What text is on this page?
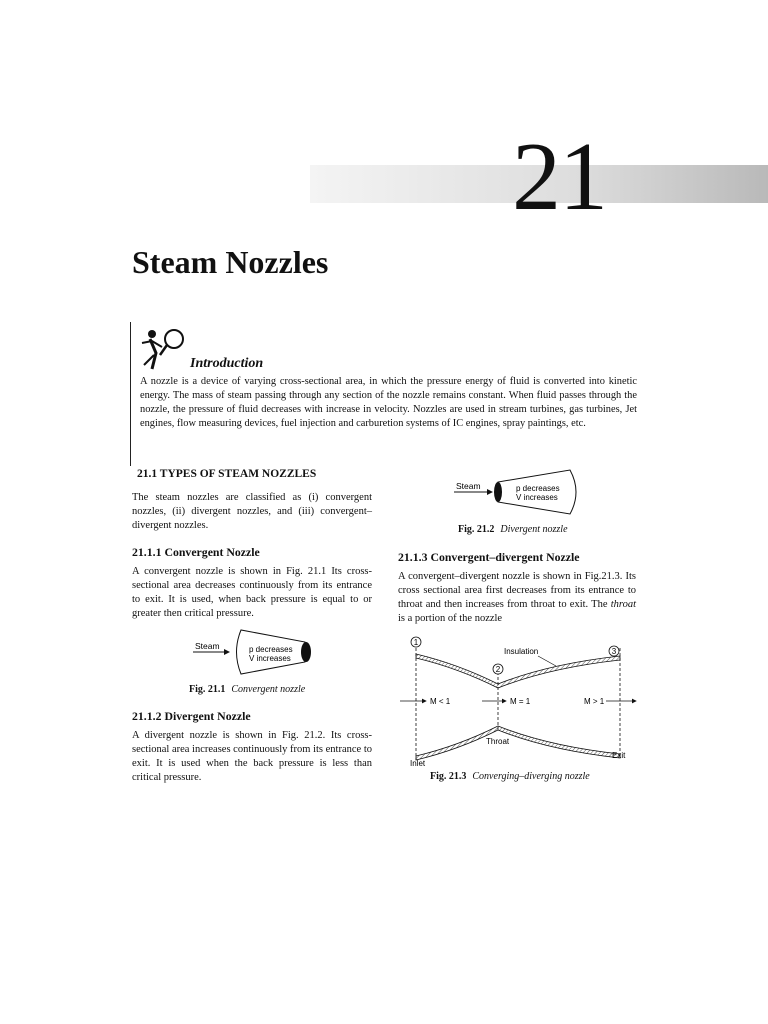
21
Steam Nozzles
Introduction

A nozzle is a device of varying cross-sectional area, in which the pressure energy of fluid is converted into kinetic energy. The mass of steam passing through any section of the nozzle remains constant. When fluid passes through the nozzle, the pressure of fluid decreases with increase in velocity. Nozzles are used in stream turbines, gas turbines, Jet engines, flow measuring devices, fuel injection and carburetion systems of IC engines, spray paintings, etc.

21.1 TYPES OF STEAM NOZZLES

The steam nozzles are classified as (i) convergent nozzles, (ii) divergent nozzles, and (iii) convergent–divergent nozzles.

21.1.1 Convergent Nozzle

A convergent nozzle is shown in Fig. 21.1 Its cross-sectional area decreases continuously from its entrance to exit. It is used, when back pressure is equal to or greater then critical pressure.

Steam	p decreases
V increases
Fig. 21.1 Convergent nozzle
21.1.2 Divergent Nozzle

A divergent nozzle is shown in Fig. 21.2. Its cross-sectional area increases continuously from its entrance to exit. It is used when the back pressure is less than critical pressure.

Steam	p decreases
V increases
Fig. 21.2 Divergent nozzle
21.1.3 Convergent–divergent Nozzle

A convergent–divergent nozzle is shown in Fig.21.3. Its cross sectional area first decreases from its entrance to throat and then increases from throat to exit. The throat is a portion of the nozzle

1
2
3
Insulation
M < 1	M = 1	M > 1
Throat
Inlet
Exit
Fig. 21.3 Converging–diverging nozzle
